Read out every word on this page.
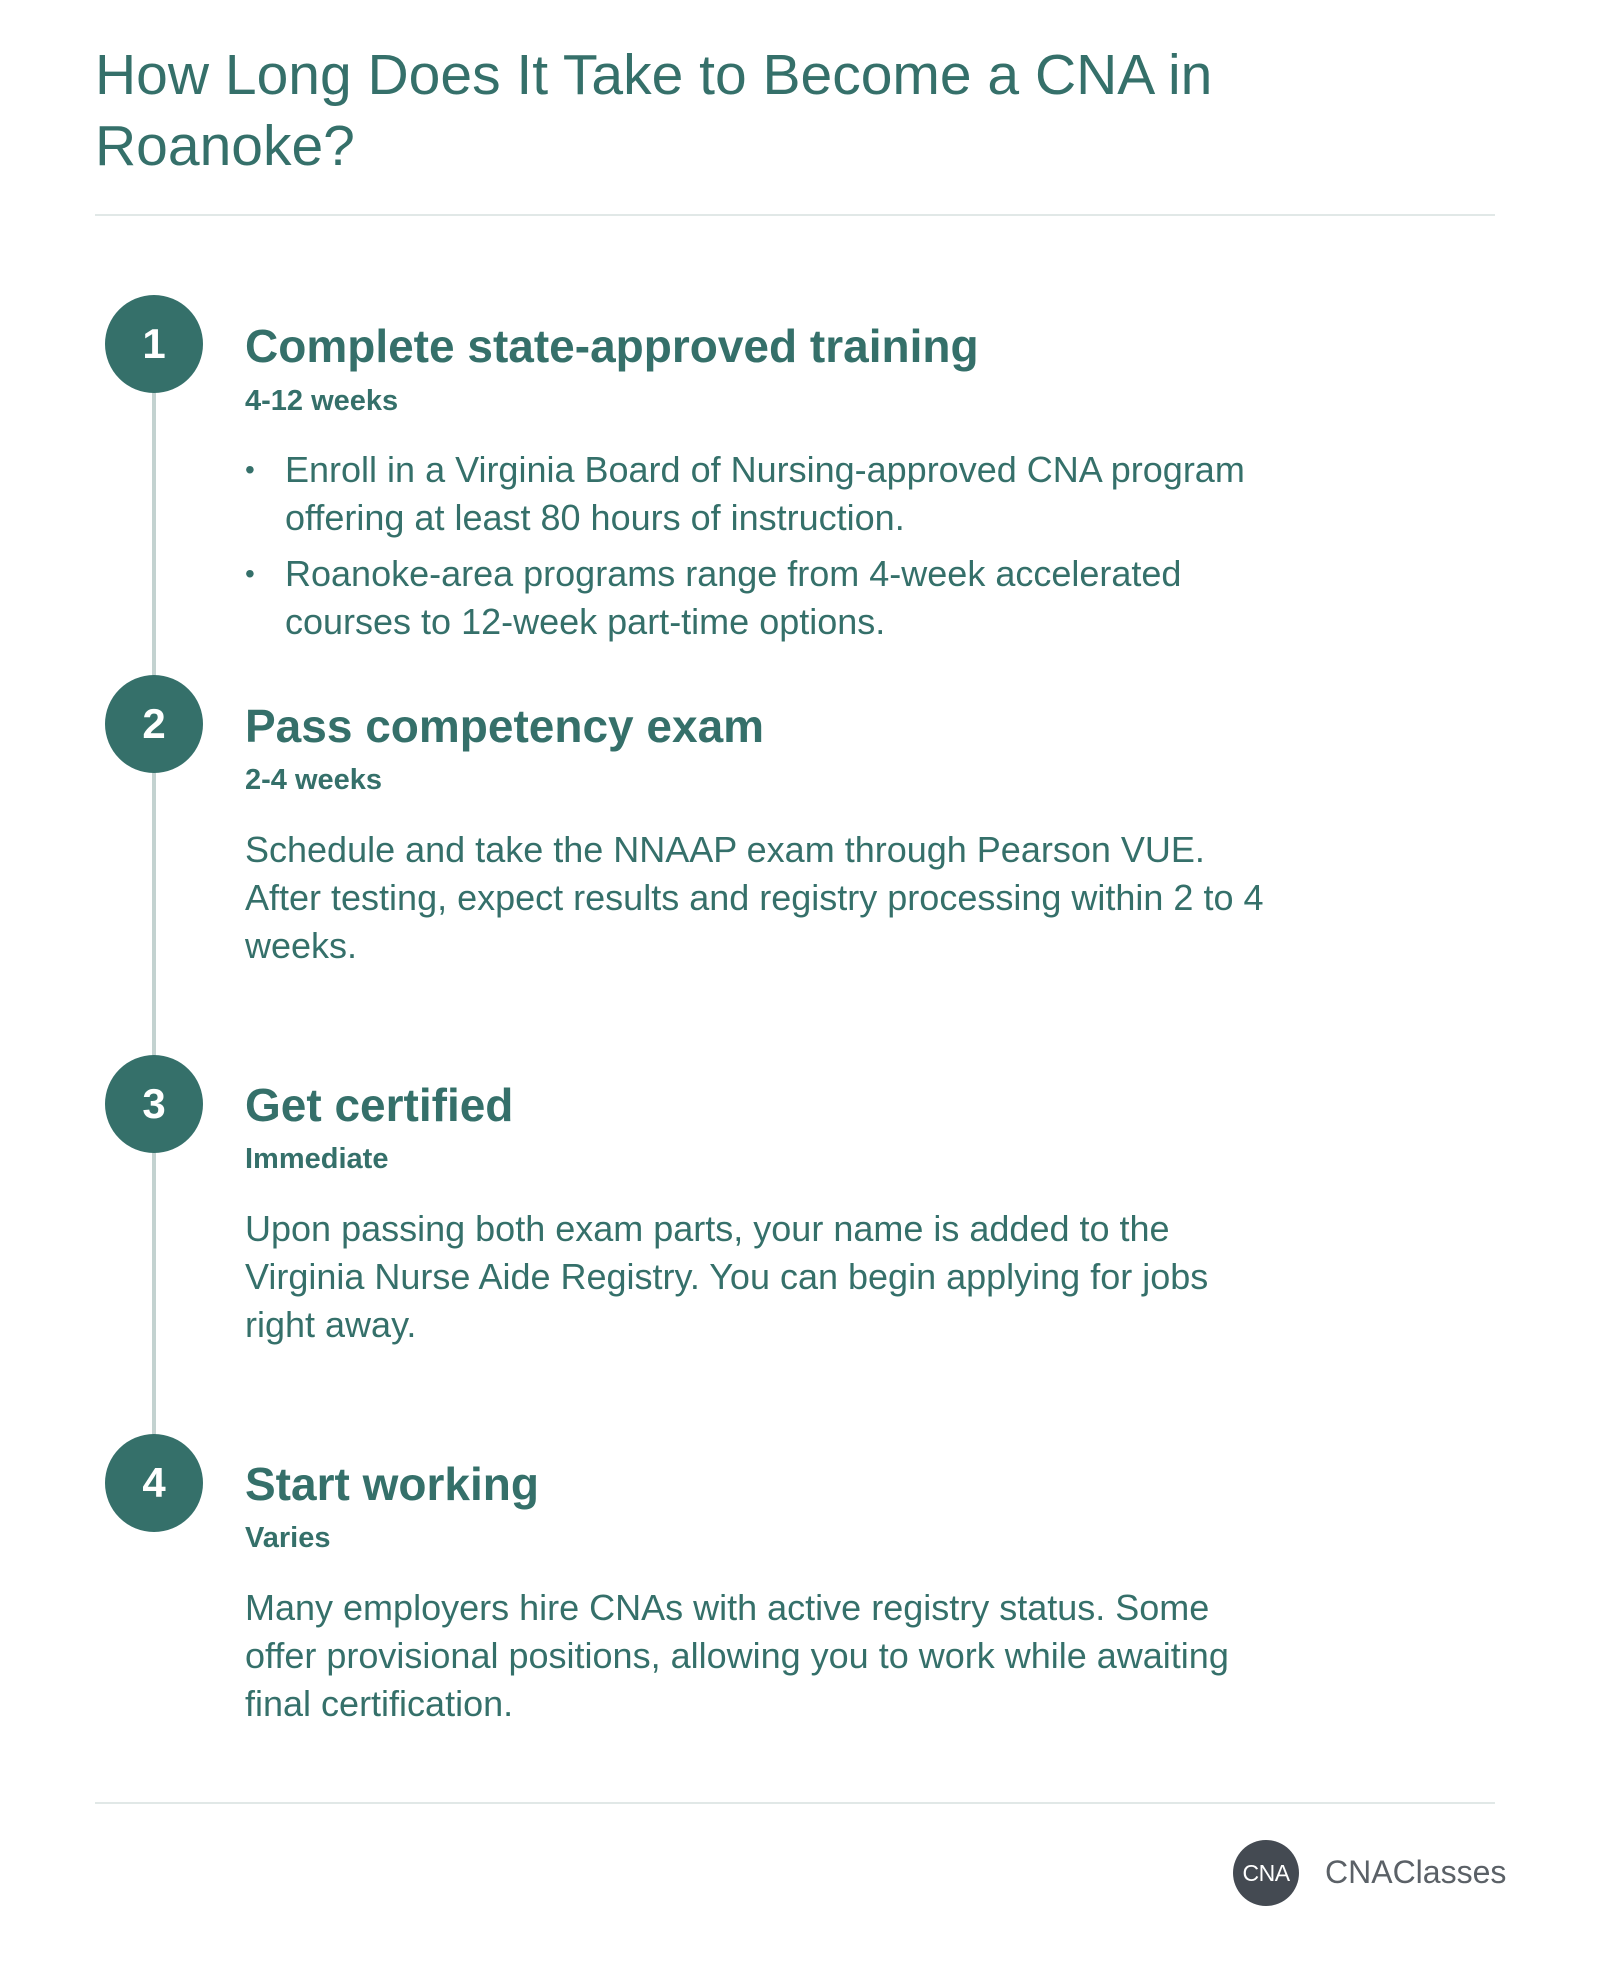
How Long Does It Take to Become a CNA in Roanoke?
1	Complete state-approved training
4-12 weeks
• Enroll in a Virginia Board of Nursing-approved CNA program offering at least 80 hours of instruction.
• Roanoke-area programs range from 4-week accelerated courses to 12-week part-time options.
2	Pass competency exam
2-4 weeks

Schedule and take the NNAAP exam through Pearson VUE. After testing, expect results and registry processing within 2 to 4 weeks.

3	Get certified
Immediate

Upon passing both exam parts, your name is added to the Virginia Nurse Aide Registry. You can begin applying for jobs right away.

4	Start working
Varies

Many employers hire CNAs with active registry status. Some offer provisional positions, allowing you to work while awaiting final certification.

CNA CNAClasses
